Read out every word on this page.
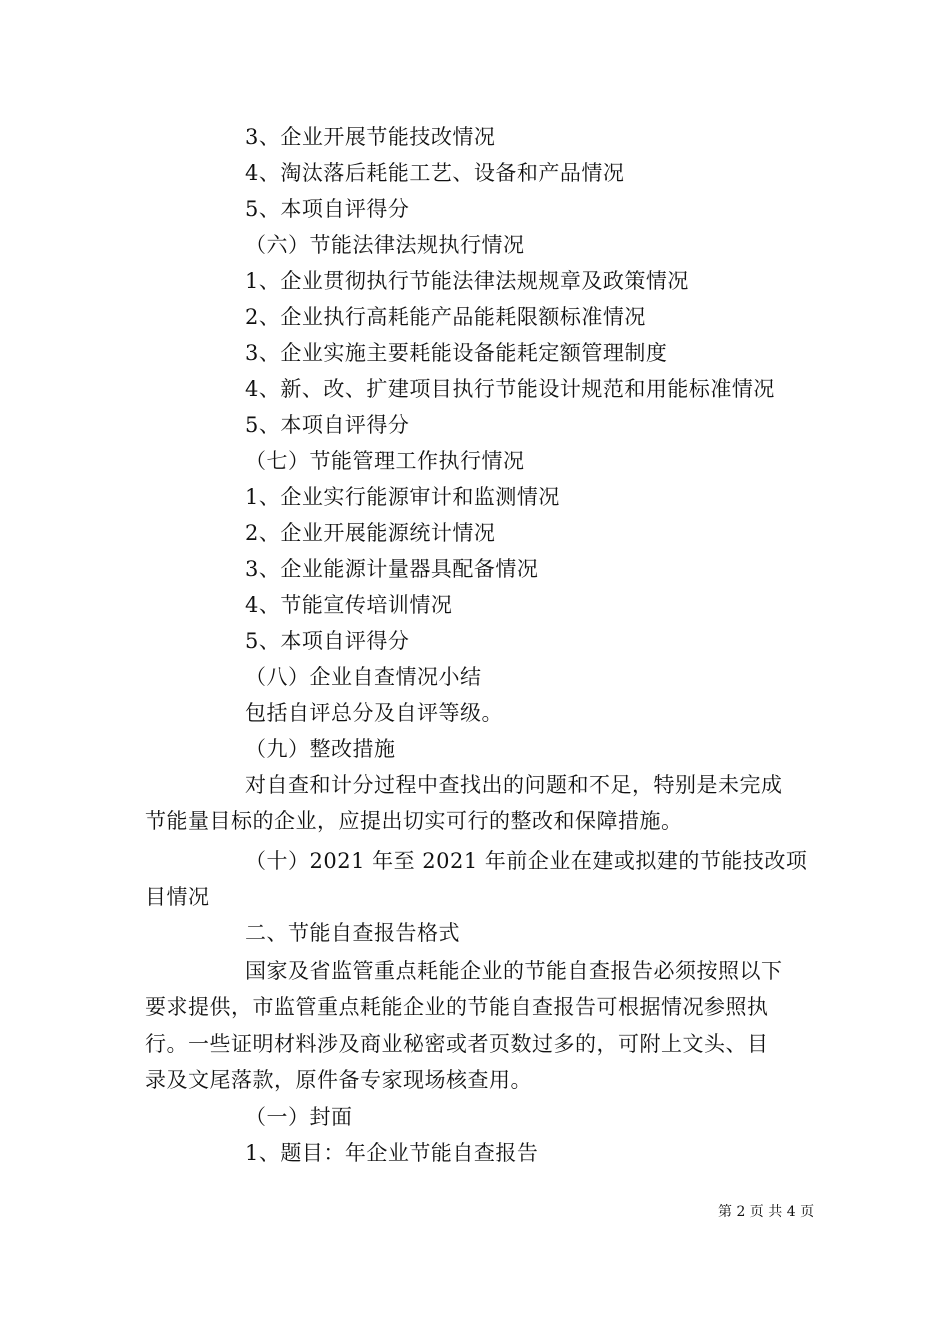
3、企业开展节能技改情况
4、淘汰落后耗能工艺、设备和产品情况
5、本项自评得分
（六）节能法律法规执行情况
1、企业贯彻执行节能法律法规规章及政策情况
2、企业执行高耗能产品能耗限额标准情况
3、企业实施主要耗能设备能耗定额管理制度
4、新、改、扩建项目执行节能设计规范和用能标准情况
5、本项自评得分
（七）节能管理工作执行情况
1、企业实行能源审计和监测情况
2、企业开展能源统计情况
3、企业能源计量器具配备情况
4、节能宣传培训情况
5、本项自评得分
（八）企业自查情况小结
包括自评总分及自评等级。
（九）整改措施
对自查和计分过程中查找出的问题和不足，特别是未完成
节能量目标的企业，应提出切实可行的整改和保障措施。
（十）2021 年至 2021 年前企业在建或拟建的节能技改项
目情况
二、节能自查报告格式
国家及省监管重点耗能企业的节能自查报告必须按照以下
要求提供，市监管重点耗能企业的节能自查报告可根据情况参照执
行。一些证明材料涉及商业秘密或者页数过多的，可附上文头、目
录及文尾落款，原件备专家现场核查用。
（一）封面
1、题目：年企业节能自查报告
第 2 页 共 4 页
